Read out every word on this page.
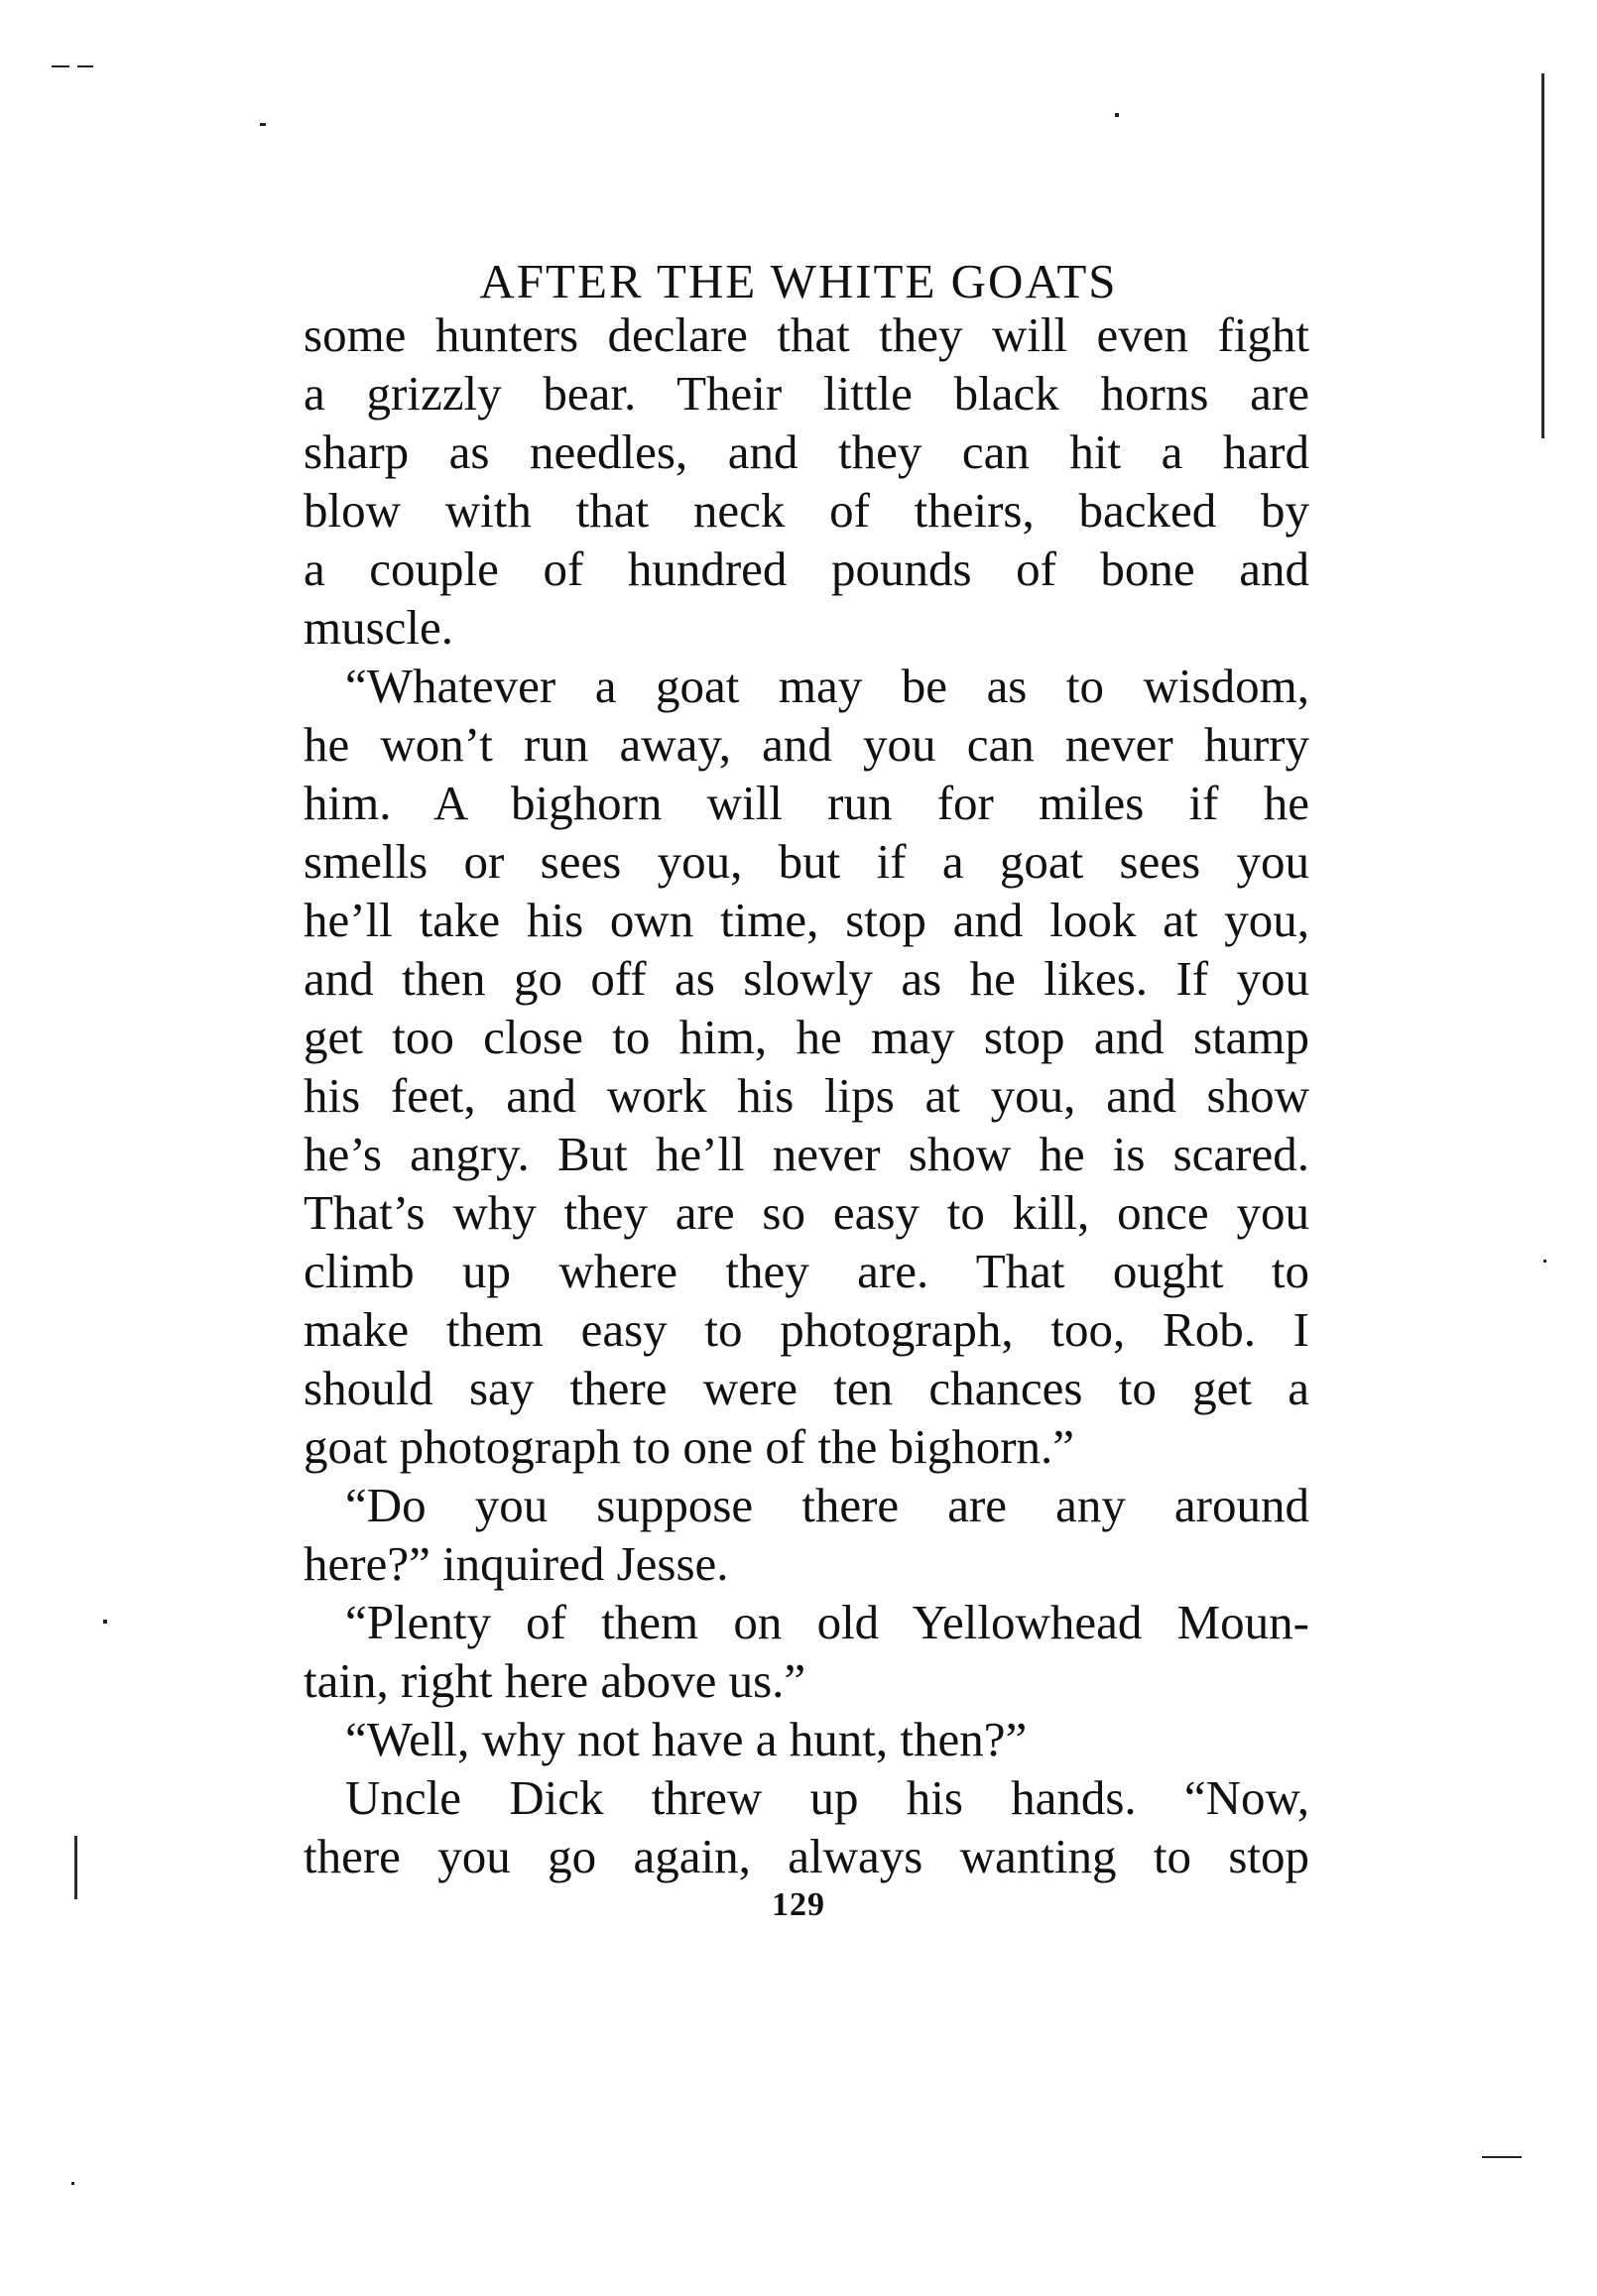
AFTER THE WHITE GOATS
some hunters declare that they will even fight
a grizzly bear. Their little black horns are
sharp as needles, and they can hit a hard
blow with that neck of theirs, backed by
a couple of hundred pounds of bone and
muscle.
“Whatever a goat may be as to wisdom,
he won’t run away, and you can never hurry
him. A bighorn will run for miles if he
smells or sees you, but if a goat sees you
he’ll take his own time, stop and look at you,
and then go off as slowly as he likes. If you
get too close to him, he may stop and stamp
his feet, and work his lips at you, and show
he’s angry. But he’ll never show he is scared.
That’s why they are so easy to kill, once you
climb up where they are. That ought to
make them easy to photograph, too, Rob. I
should say there were ten chances to get a
goat photograph to one of the bighorn.”
“Do you suppose there are any around
here?” inquired Jesse.
“Plenty of them on old Yellowhead Moun-
tain, right here above us.”
“Well, why not have a hunt, then?”
Uncle Dick threw up his hands. “Now,
there you go again, always wanting to stop
129
